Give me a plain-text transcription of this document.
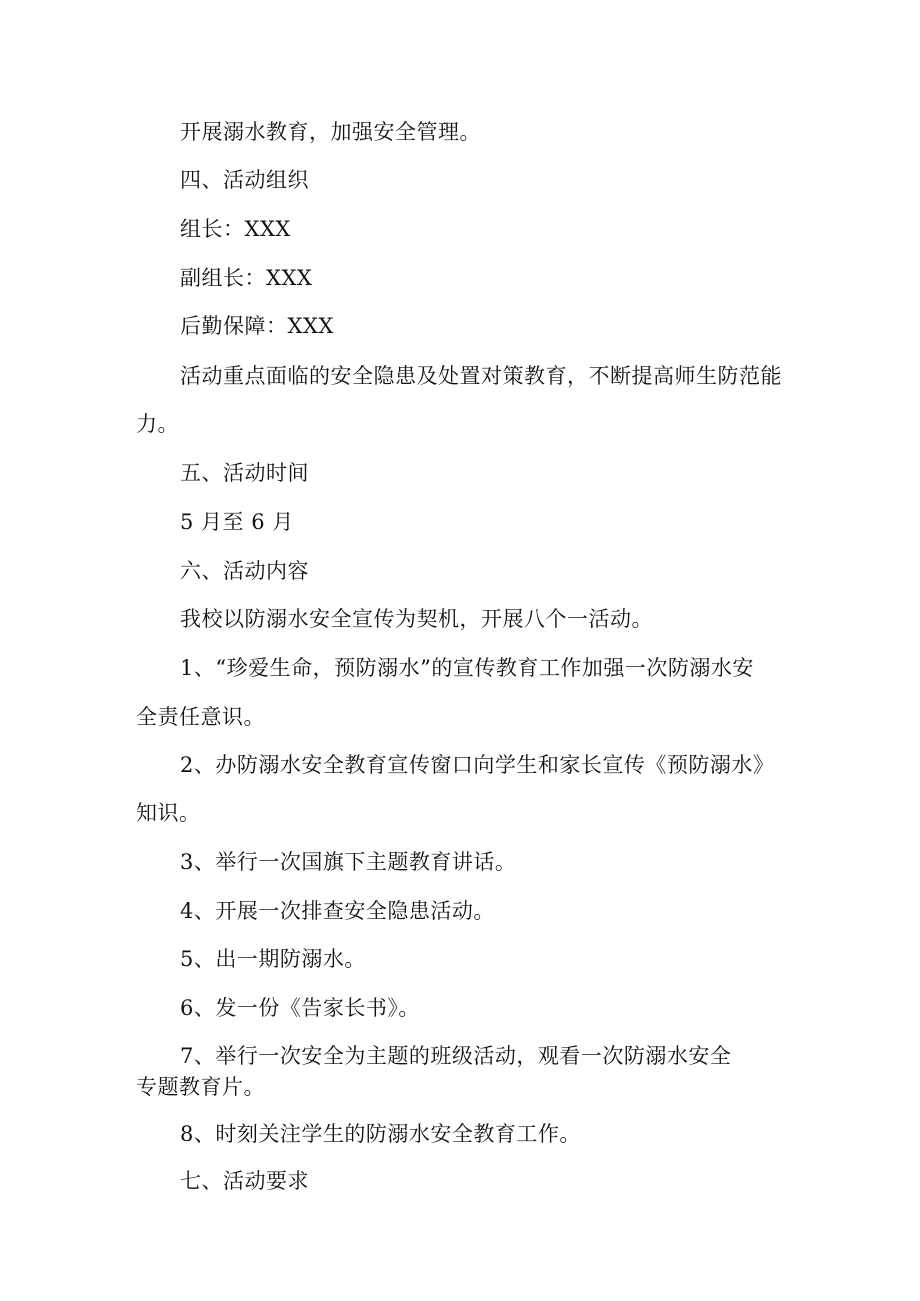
开展溺水教育，加强安全管理。
四、活动组织
组长：XXX
副组长：XXX
后勤保障：XXX
活动重点面临的安全隐患及处置对策教育，不断提高师生防范能
力。
五、活动时间
5 月至 6 月
六、活动内容
我校以防溺水安全宣传为契机，开展八个一活动。
1、“珍爱生命，预防溺水”的宣传教育工作加强一次防溺水安
全责任意识。
2、办防溺水安全教育宣传窗口向学生和家长宣传《预防溺水》
知识。
3、举行一次国旗下主题教育讲话。
4、开展一次排查安全隐患活动。
5、出一期防溺水。
6、发一份《告家长书》。
7、举行一次安全为主题的班级活动，观看一次防溺水安全
专题教育片。
8、时刻关注学生的防溺水安全教育工作。
七、活动要求
